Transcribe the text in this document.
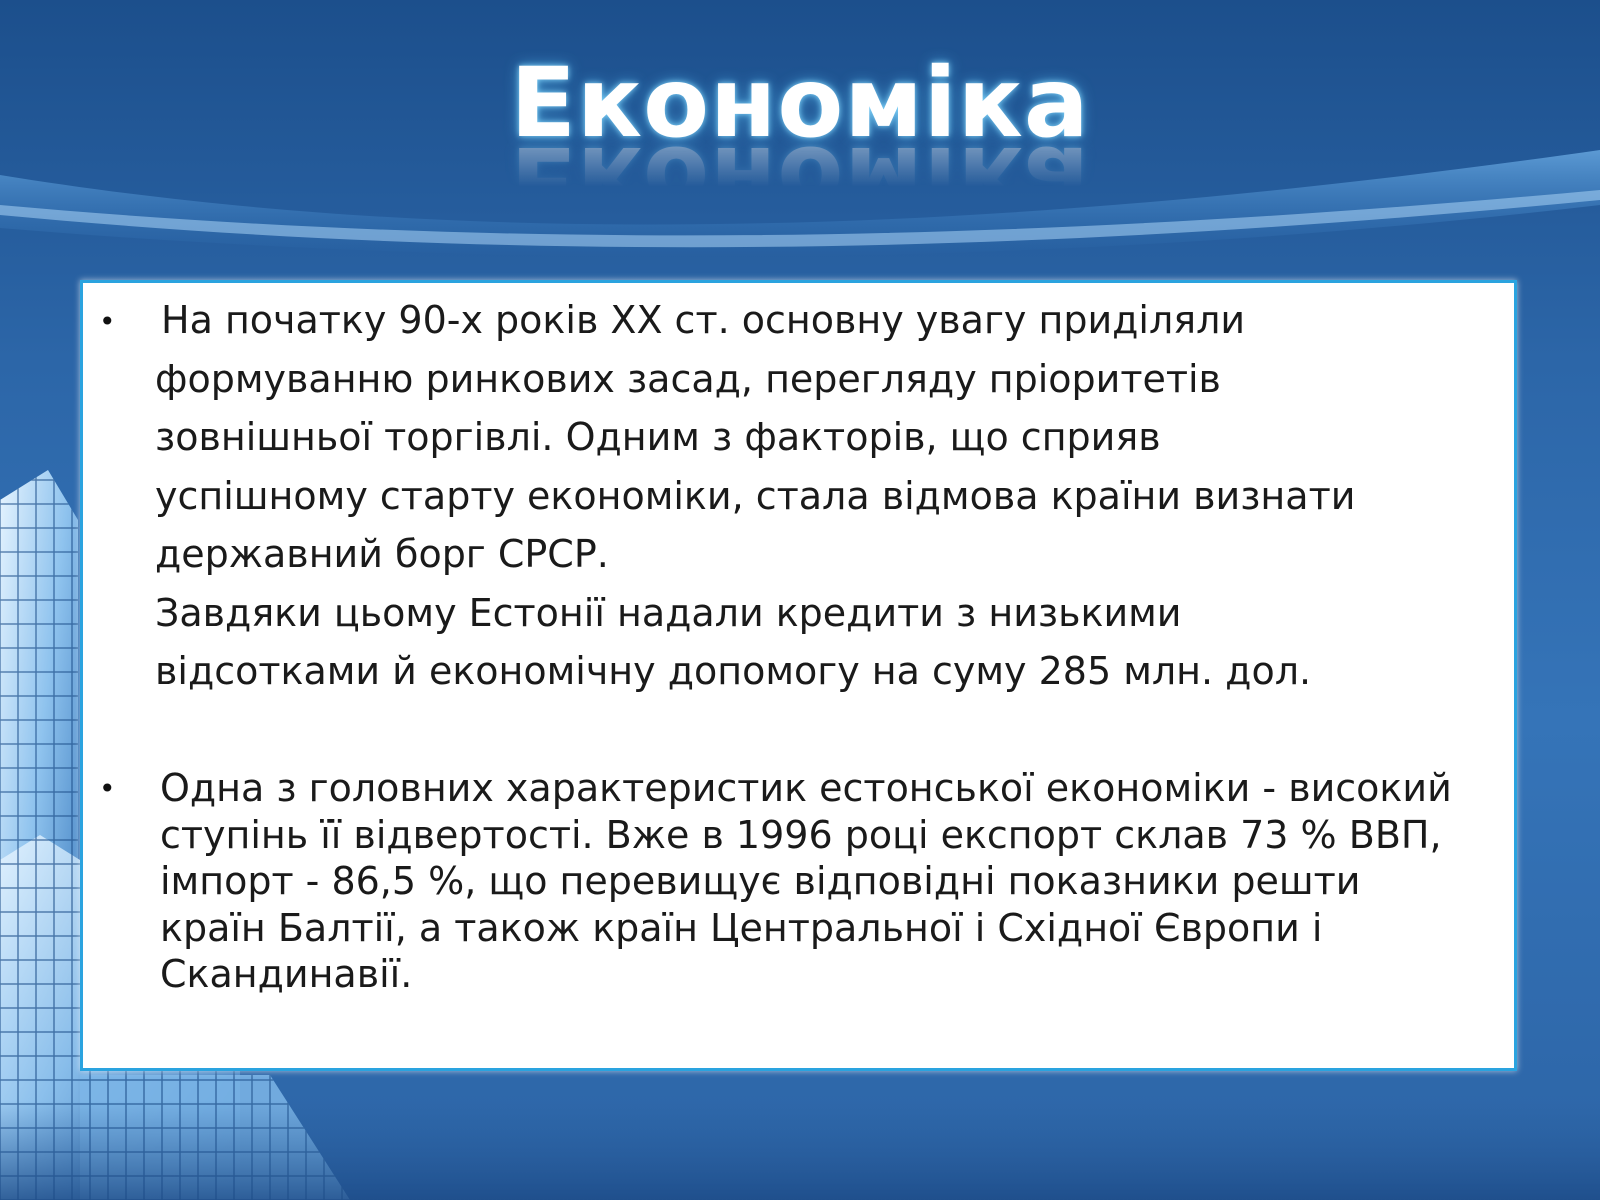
Економіка
• На початку 90-х років ХХ ст. основну увагу приділяли
формуванню ринкових засад, перегляду пріоритетів
зовнішньої торгівлі. Одним з факторів, що сприяв
успішному старту економіки, стала відмова країни визнати
державний борг СРСР.
Завдяки цьому Естонії надали кредити з низькими
відсотками й економічну допомогу на суму 285 млн. дол.
• Одна з головних характеристик естонської економіки - високий
ступінь її відвертості. Вже в 1996 році експорт склав 73 % ВВП,
імпорт - 86,5 %, що перевищує відповідні показники решти
країн Балтії, а також країн Центральної і Східної Європи і
Скандинавії.
